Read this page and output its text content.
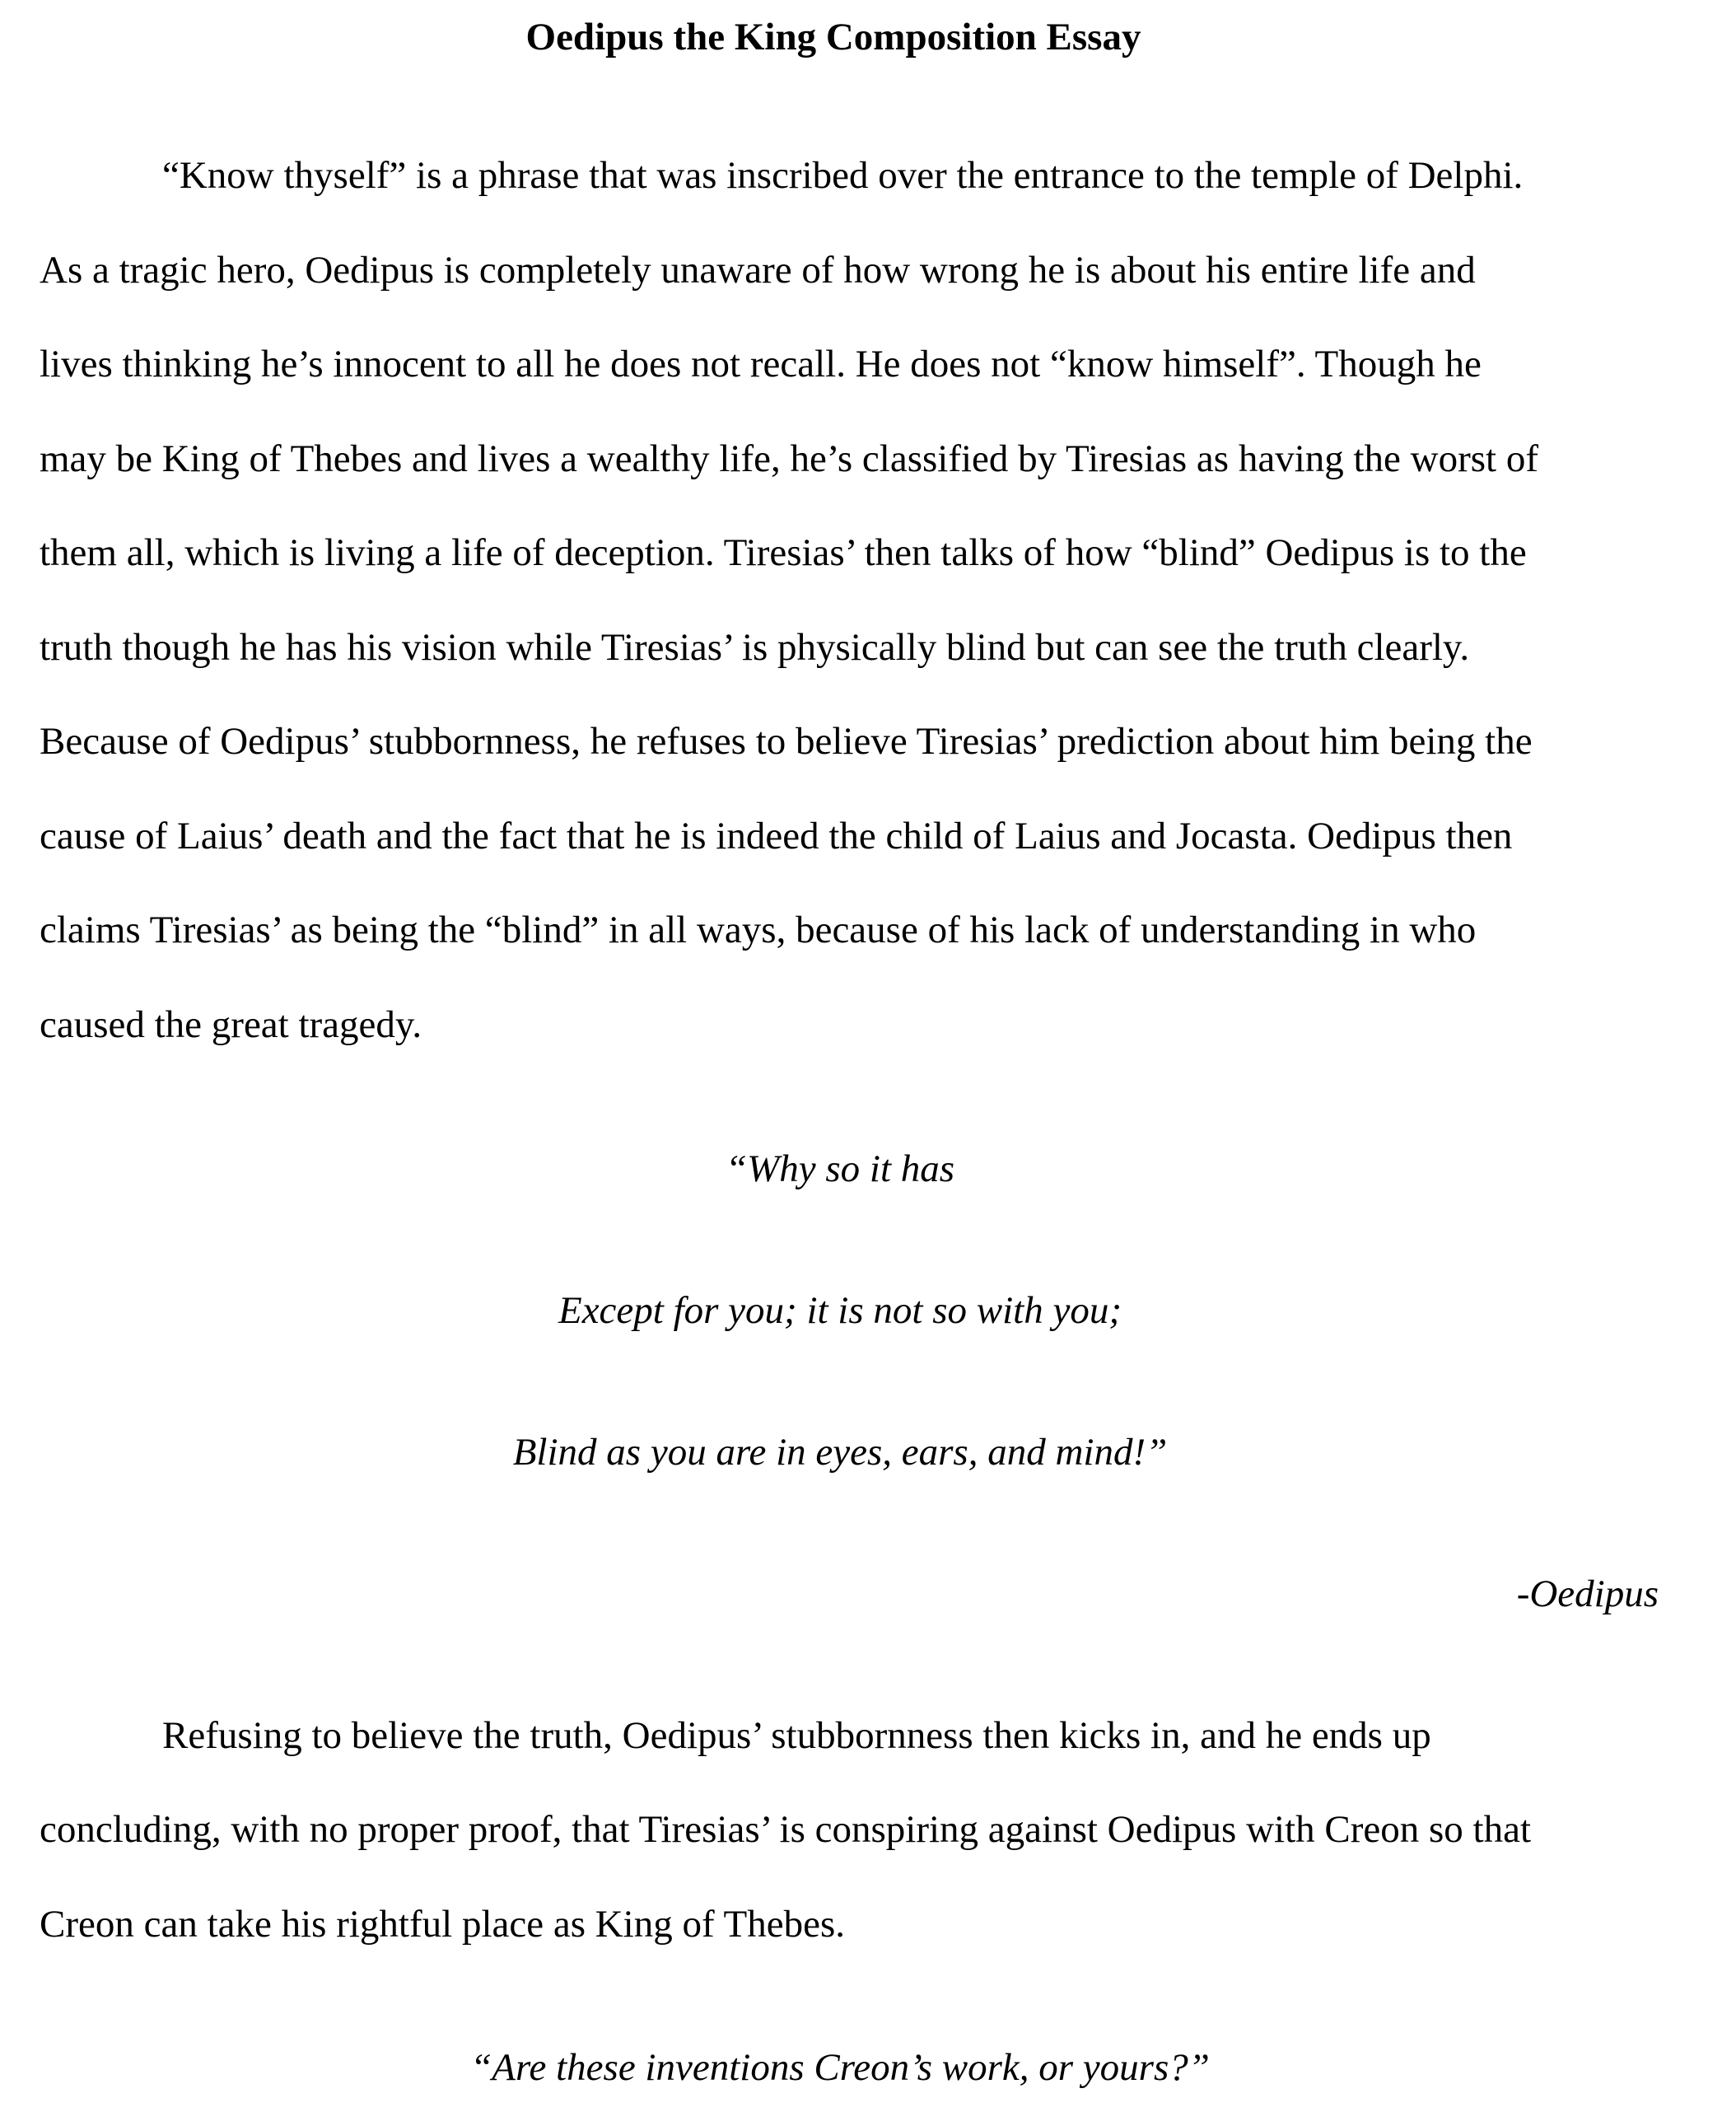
Oedipus the King Composition Essay

“Know thyself” is a phrase that was inscribed over the entrance to the temple of Delphi.

As a tragic hero, Oedipus is completely unaware of how wrong he is about his entire life and

lives thinking he’s innocent to all he does not recall. He does not “know himself”. Though he

may be King of Thebes and lives a wealthy life, he’s classified by Tiresias as having the worst of

them all, which is living a life of deception. Tiresias’ then talks of how “blind” Oedipus is to the

truth though he has his vision while Tiresias’ is physically blind but can see the truth clearly.

Because of Oedipus’ stubbornness, he refuses to believe Tiresias’ prediction about him being the

cause of Laius’ death and the fact that he is indeed the child of Laius and Jocasta. Oedipus then

claims Tiresias’ as being the “blind” in all ways, because of his lack of understanding in who

caused the great tragedy.

“Why so it has

Except for you; it is not so with you;

Blind as you are in eyes, ears, and mind!”

-Oedipus

Refusing to believe the truth, Oedipus’ stubbornness then kicks in, and he ends up

concluding, with no proper proof, that Tiresias’ is conspiring against Oedipus with Creon so that

Creon can take his rightful place as King of Thebes.

“Are these inventions Creon’s work, or yours?”
